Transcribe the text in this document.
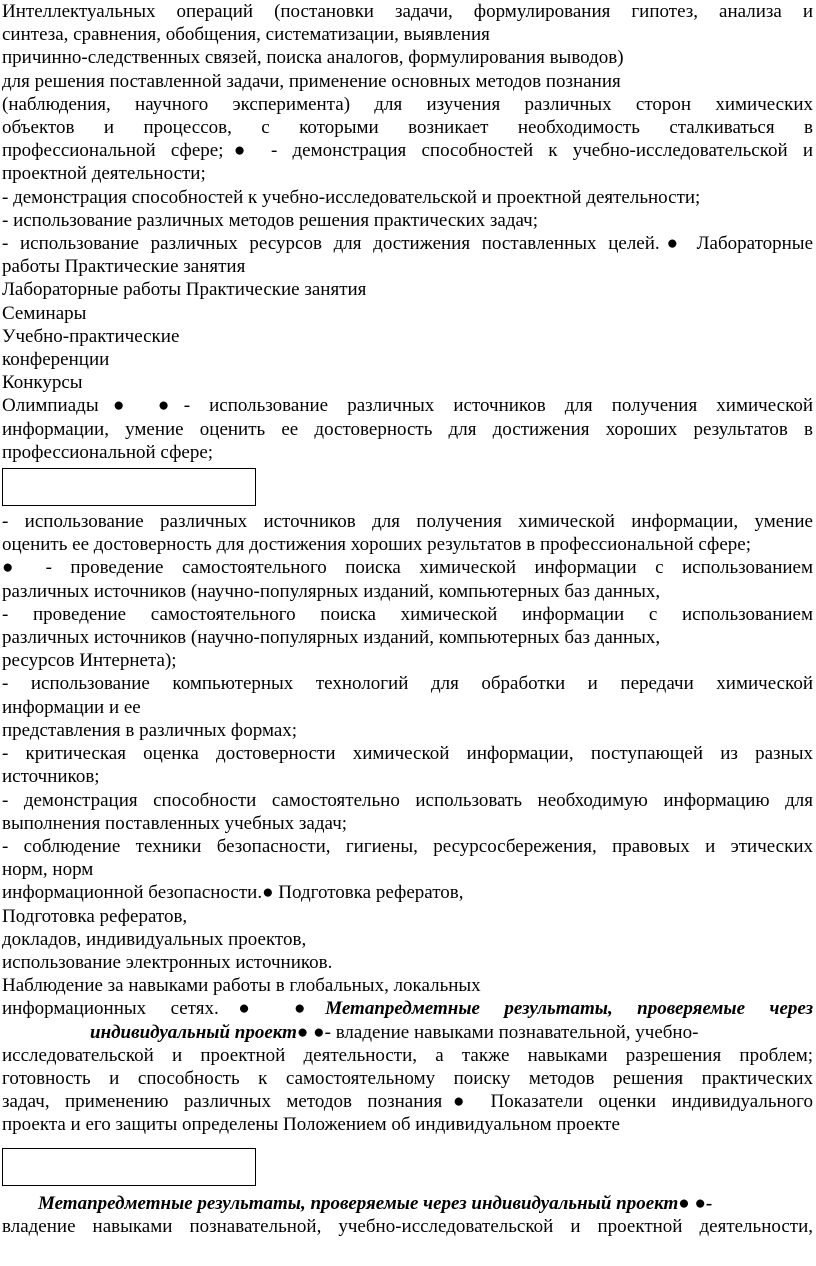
Интеллектуальных операций (постановки задачи, формулирования гипотез, анализа и
синтеза, сравнения, обобщения, систематизации, выявления
причинно-следственных связей, поиска аналогов, формулирования выводов)
для решения поставленной задачи, применение основных методов познания
(наблюдения, научного эксперимента) для изучения различных сторон химических
объектов и процессов, с которыми возникает необходимость сталкиваться в
профессиональной сфере;● - демонстрация способностей к учебно-исследовательской и
проектной деятельности;
- демонстрация способностей к учебно-исследовательской и проектной деятельности;
- использование различных методов решения практических задач;
- использование различных ресурсов для достижения поставленных целей.● Лабораторные
работы Практические занятия
Лабораторные работы Практические занятия
Семинары
Учебно-практические
конференции
Конкурсы
Олимпиады● ●- использование различных источников для получения химической
информации, умение оценить ее достоверность для достижения хороших результатов в
профессиональной сфере;
- использование различных источников для получения химической информации, умение
оценить ее достоверность для достижения хороших результатов в профессиональной сфере;
● - проведение самостоятельного поиска химической информации с использованием
различных источников (научно-популярных изданий, компьютерных баз данных,
- проведение самостоятельного поиска химической информации с использованием
различных источников (научно-популярных изданий, компьютерных баз данных,
ресурсов Интернета);
- использование компьютерных технологий для обработки и передачи химической
информации и ее
представления в различных формах;
- критическая оценка достоверности химической информации, поступающей из разных
источников;
- демонстрация способности самостоятельно использовать необходимую информацию для
выполнения поставленных учебных задач;
- соблюдение техники безопасности, гигиены, ресурсосбережения, правовых и этических
норм, норм
информационной безопасности.● Подготовка рефератов,
Подготовка рефератов,
докладов, индивидуальных проектов,
использование электронных источников.
Наблюдение за навыками работы в глобальных, локальных
информационных сетях.● ●Метапредметные результаты, проверяемые через
индивидуальный проект● ●- владение навыками познавательной, учебно-
исследовательской и проектной деятельности, а также навыками разрешения проблем;
готовность и способность к самостоятельному поиску методов решения практических
задач, применению различных методов познания● Показатели оценки индивидуального
проекта и его защиты определены Положением об индивидуальном проекте
Метапредметные результаты, проверяемые через индивидуальный проект● ●-
владение навыками познавательной, учебно-исследовательской и проектной деятельности,
